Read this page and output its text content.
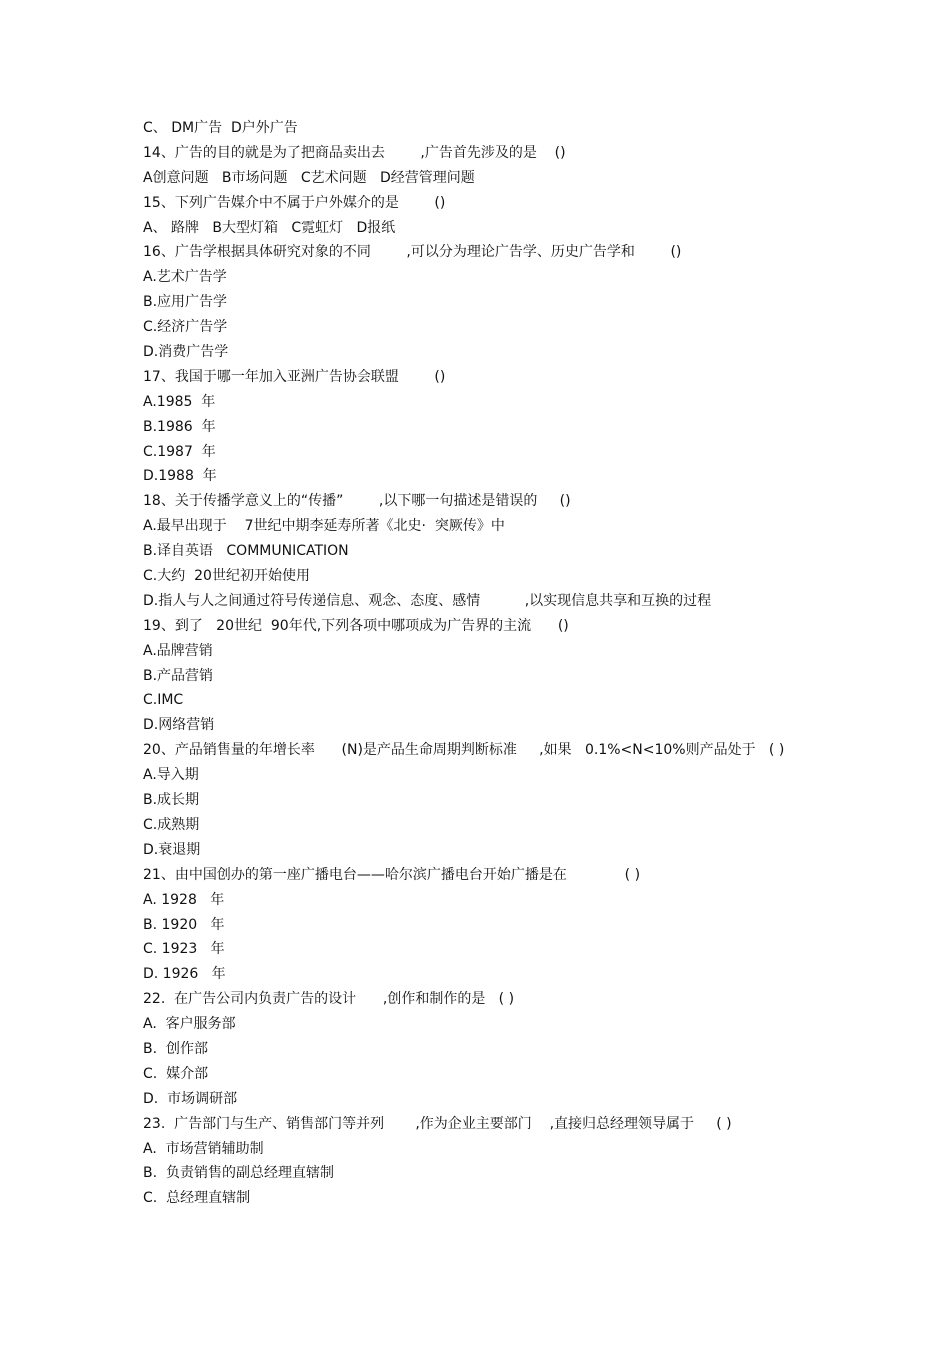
C、 DM广告  D户外广告
14、广告的目的就是为了把商品卖出去        ,广告首先涉及的是    ()
A创意问题   B市场问题   C艺术问题   D经营管理问题
15、下列广告媒介中不属于户外媒介的是        ()
A、 路牌   B大型灯箱   C霓虹灯   D报纸
16、广告学根据具体研究对象的不同        ,可以分为理论广告学、历史广告学和        ()
A.艺术广告学
B.应用广告学
C.经济广告学
D.消费广告学
17、我国于哪一年加入亚洲广告协会联盟        ()
A.1985  年
B.1986  年
C.1987  年
D.1988  年
18、关于传播学意义上的“传播”        ,以下哪一句描述是错误的     ()
A.最早出现于    7世纪中期李延寿所著《北史·  突厥传》中
B.译自英语   COMMUNICATION
C.大约  20世纪初开始使用
D.指人与人之间通过符号传递信息、观念、态度、感情          ,以实现信息共享和互换的过程
19、到了   20世纪  90年代,下列各项中哪项成为广告界的主流      ()
A.品牌营销
B.产品营销
C.IMC
D.网络营销
20、产品销售量的年增长率      (N)是产品生命周期判断标准     ,如果   0.1%<N<10%则产品处于   ( )
A.导入期
B.成长期
C.成熟期
D.衰退期
21、由中国创办的第一座广播电台——哈尔滨广播电台开始广播是在             ( )
A. 1928   年
B. 1920   年
C. 1923   年
D. 1926   年
22.  在广告公司内负责广告的设计      ,创作和制作的是   ( )
A.  客户服务部
B.  创作部
C.  媒介部
D.  市场调研部
23.  广告部门与生产、销售部门等并列       ,作为企业主要部门    ,直接归总经理领导属于     ( )
A.  市场营销辅助制
B.  负责销售的副总经理直辖制
C.  总经理直辖制
